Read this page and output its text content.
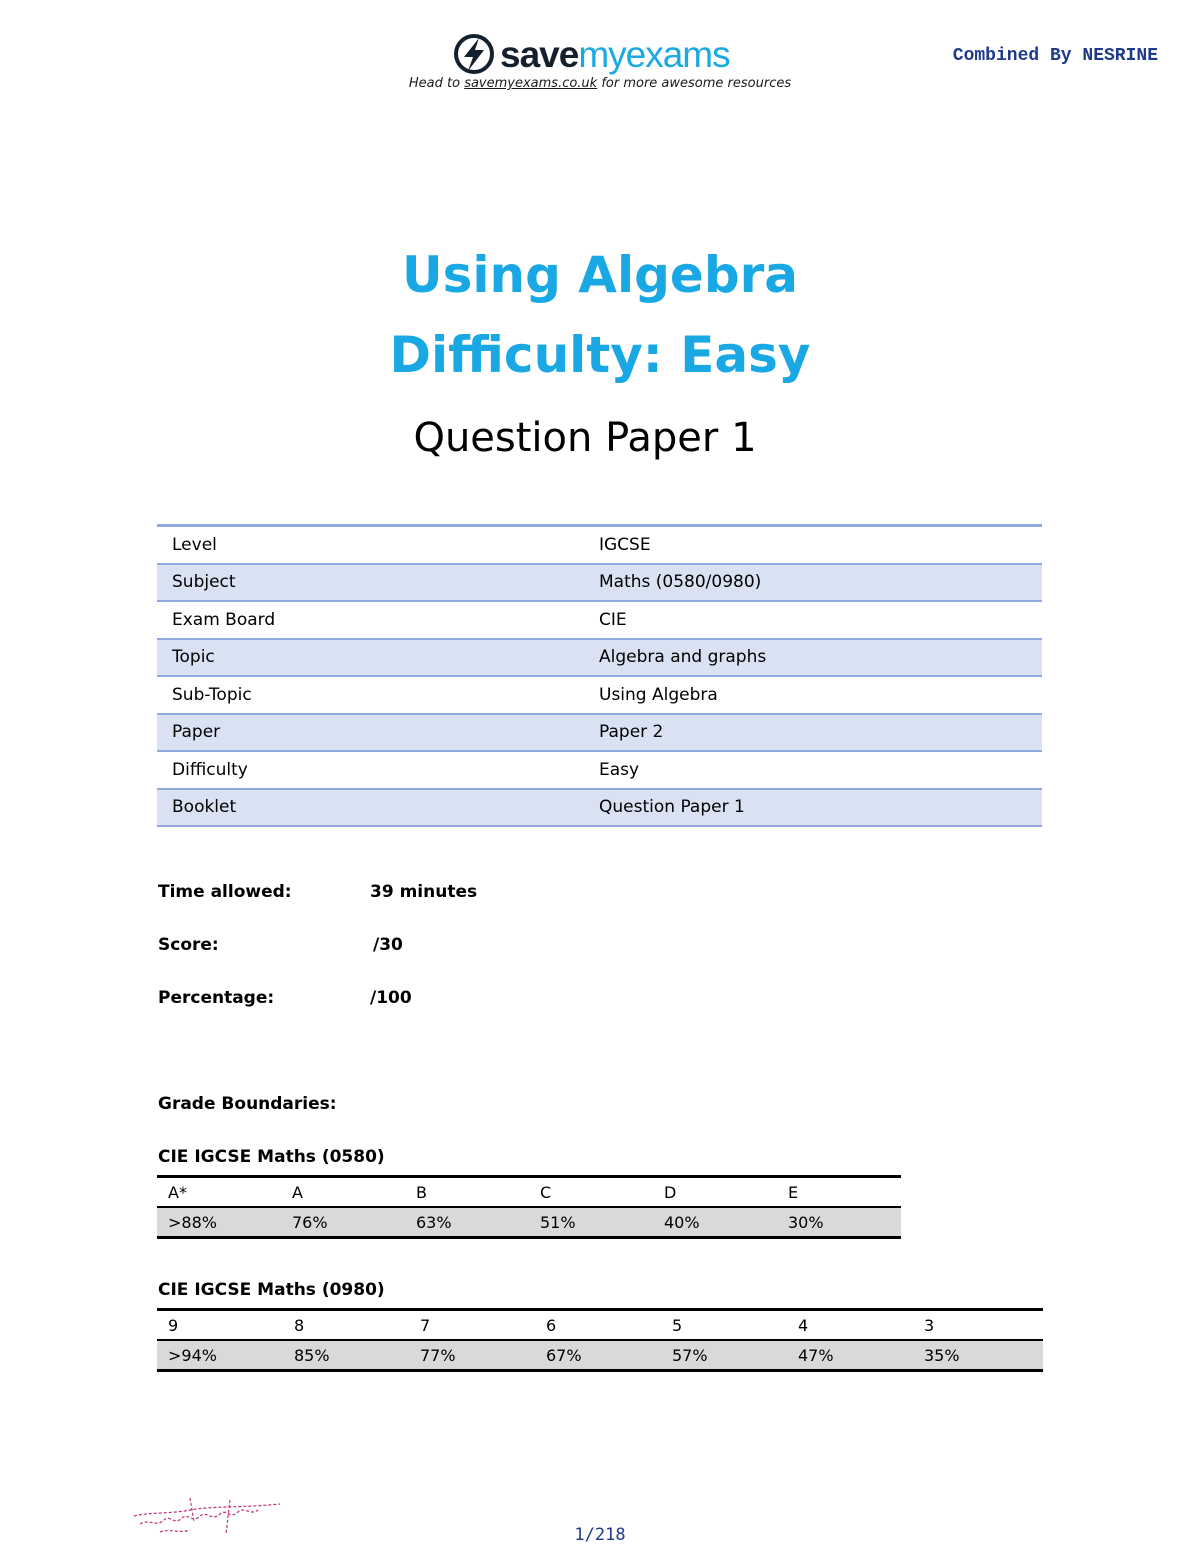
savemyexams
Head to savemyexams.co.uk for more awesome resources
Combined By NESRINE
Using Algebra
Difficulty: Easy
Question Paper 1
Level	IGCSE
Subject	Maths (0580/0980)
Exam Board	CIE
Topic	Algebra and graphs
Sub-Topic	Using Algebra
Paper	Paper 2
Difficulty	Easy
Booklet	Question Paper 1
Time allowed:	39 minutes
Score:	/30
Percentage:	/100
Grade Boundaries:
CIE IGCSE Maths (0580)
A*	A	B	C	D	E
>88%	76%	63%	51%	40%	30%
CIE IGCSE Maths (0980)
9	8	7	6	5	4	3
>94%	85%	77%	67%	57%	47%	35%
1/218
